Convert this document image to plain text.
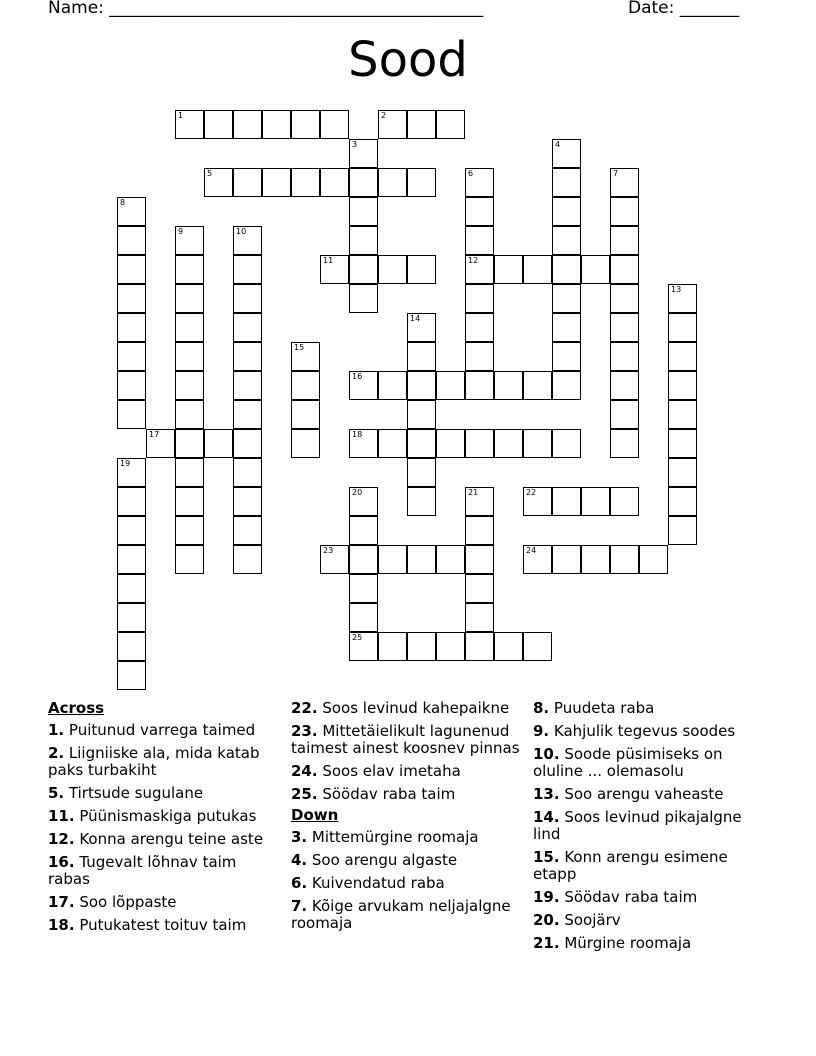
Name: ____________________________________________	Date: _______
Sood
1	2
3	4
5	6
12
7
8
9	10
11
13
14
15
16
17	18
19
20	21	22
23	24
25
Across
1. Puitunud varrega taimed
2. Liigniiske ala, mida katab paks turbakiht
5. Tirtsude sugulane
11. Püünismaskiga putukas
12. Konna arengu teine aste
16. Tugevalt lõhnav taim rabas
17. Soo lõppaste
18. Putukatest toituv taim
22. Soos levinud kahepaikne
23. Mittetäielikult lagunenud taimest ainest koosnev pinnas
24. Soos elav imetaha
25. Söödav raba taim
Down
3. Mittemürgine roomaja
4. Soo arengu algaste
6. Kuivendatud raba
7. Kõige arvukam neljajalgne roomaja
8. Puudeta raba
9. Kahjulik tegevus soodes
10. Soode püsimiseks on oluline ... olemasolu
13. Soo arengu vaheaste
14. Soos levinud pikajalgne lind
15. Konn arengu esimene etapp
19. Söödav raba taim
20. Soojärv
21. Mürgine roomaja
